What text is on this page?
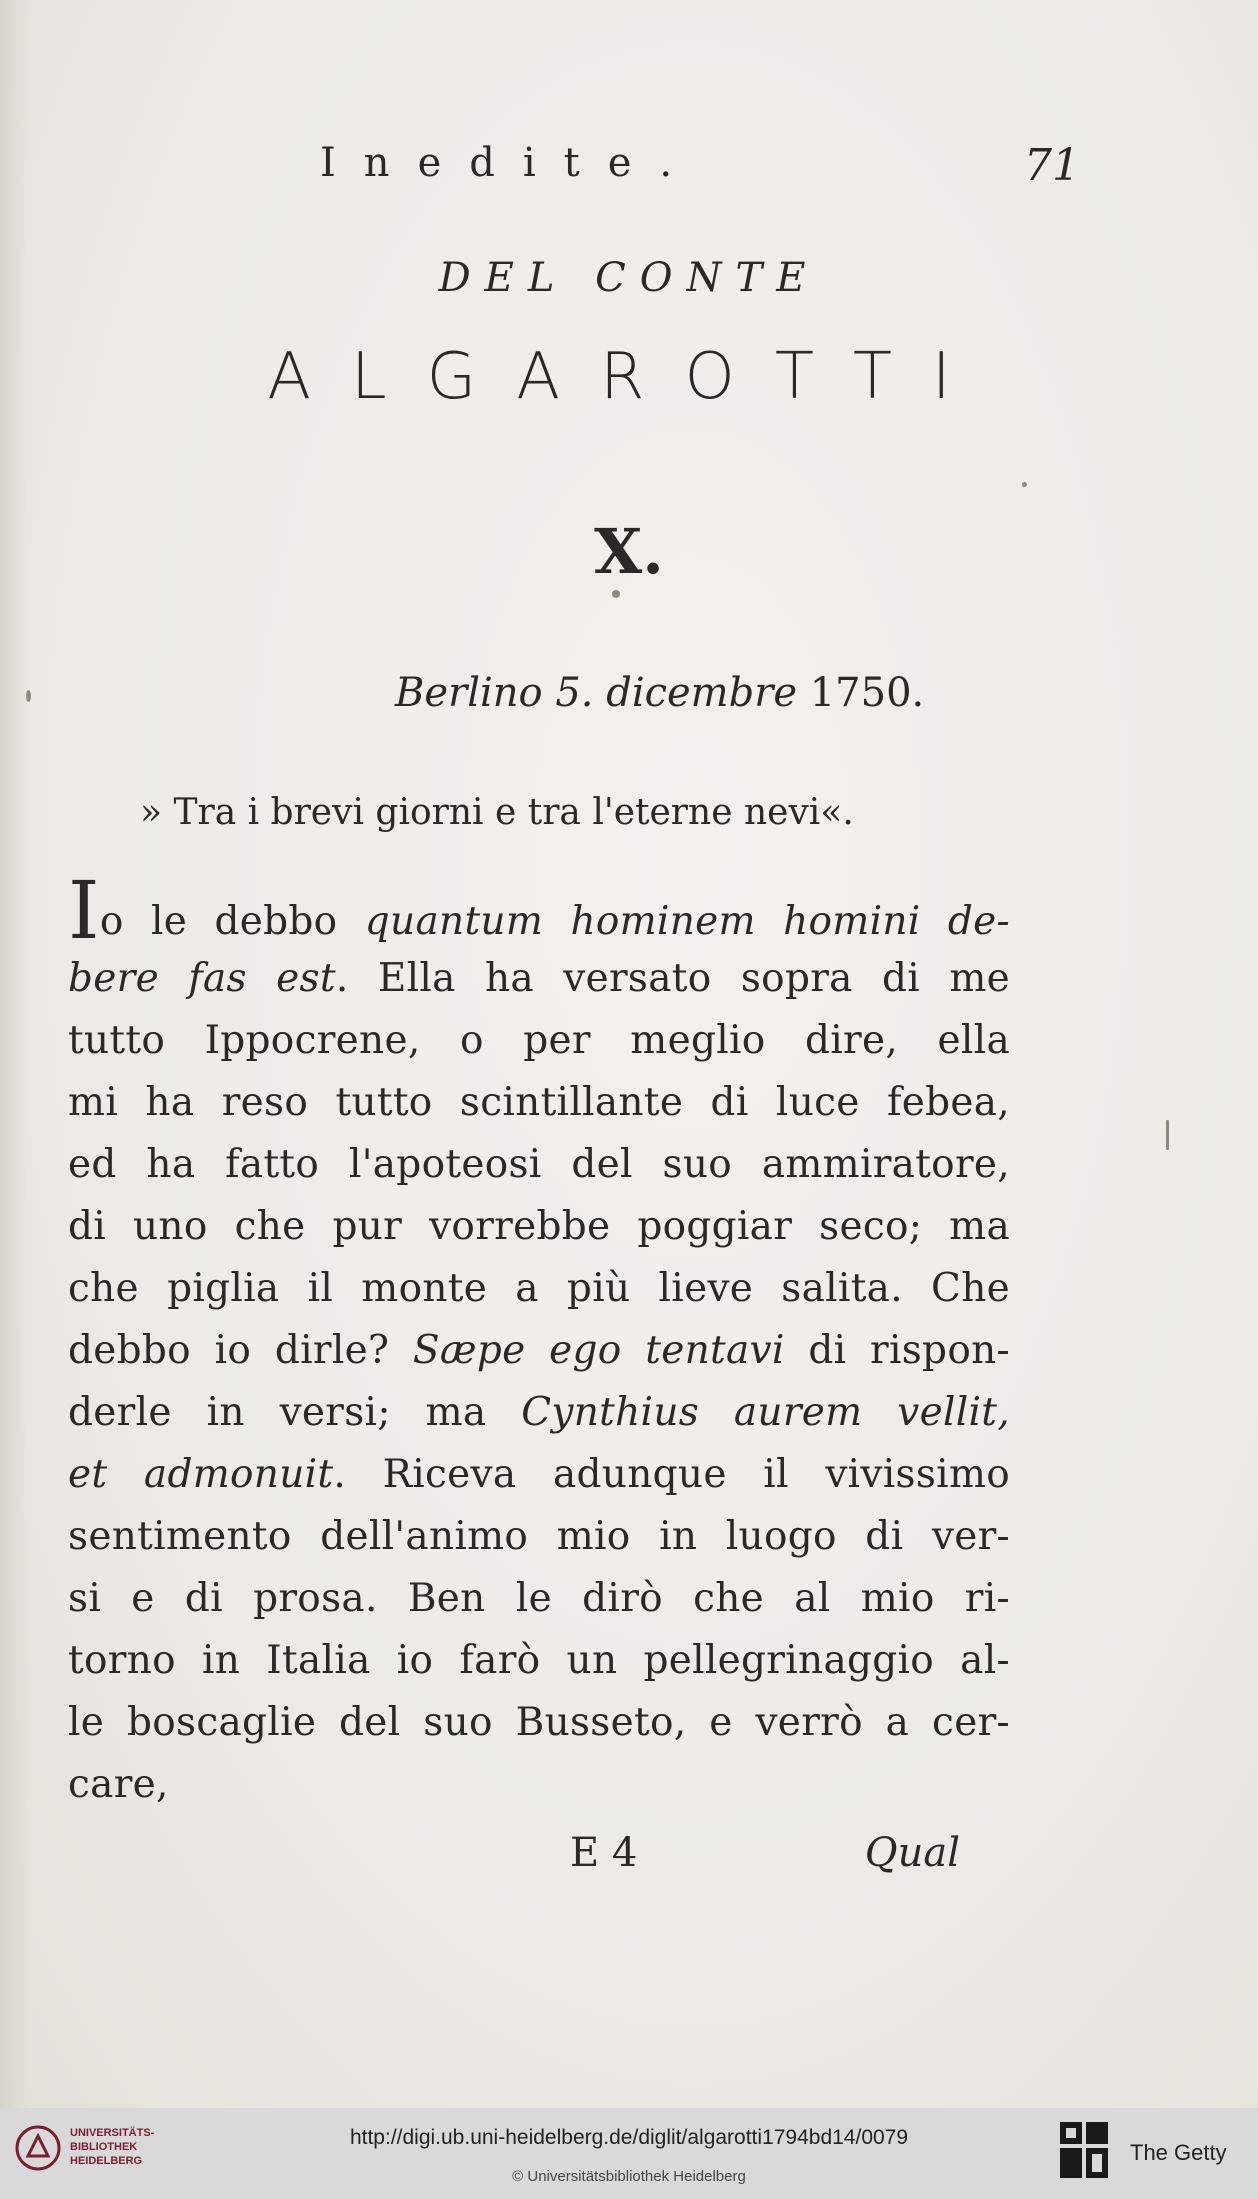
Inedite.	71
DEL CONTE
ALGAROTTI
X.
Berlino 5. dicembre 1750.
» Tra i brevi giorni e tra l'eterne nevi«.
Io le debbo quantum hominem homini de-
bere fas est. Ella ha versato sopra di me
tutto Ippocrene, o per meglio dire, ella
mi ha reso tutto scintillante di luce febea,
ed ha fatto l'apoteosi del suo ammiratore,
di uno che pur vorrebbe poggiar seco; ma
che piglia il monte a più lieve salita. Che
debbo io dirle? Sæpe ego tentavi di rispon-
derle in versi; ma Cynthius aurem vellit,
et admonuit. Riceva adunque il vivissimo
sentimento dell'animo mio in luogo di ver-
si e di prosa. Ben le dirò che al mio ri-
torno in Italia io farò un pellegrinaggio al-
le boscaglie del suo Busseto, e verrò a cer-
care,
E 4	Qual
UNIVERSITÄTS-
BIBLIOTHEK
HEIDELBERG
http://digi.ub.uni-heidelberg.de/diglit/algarotti1794bd14/0079
© Universitätsbibliothek Heidelberg
The Getty
